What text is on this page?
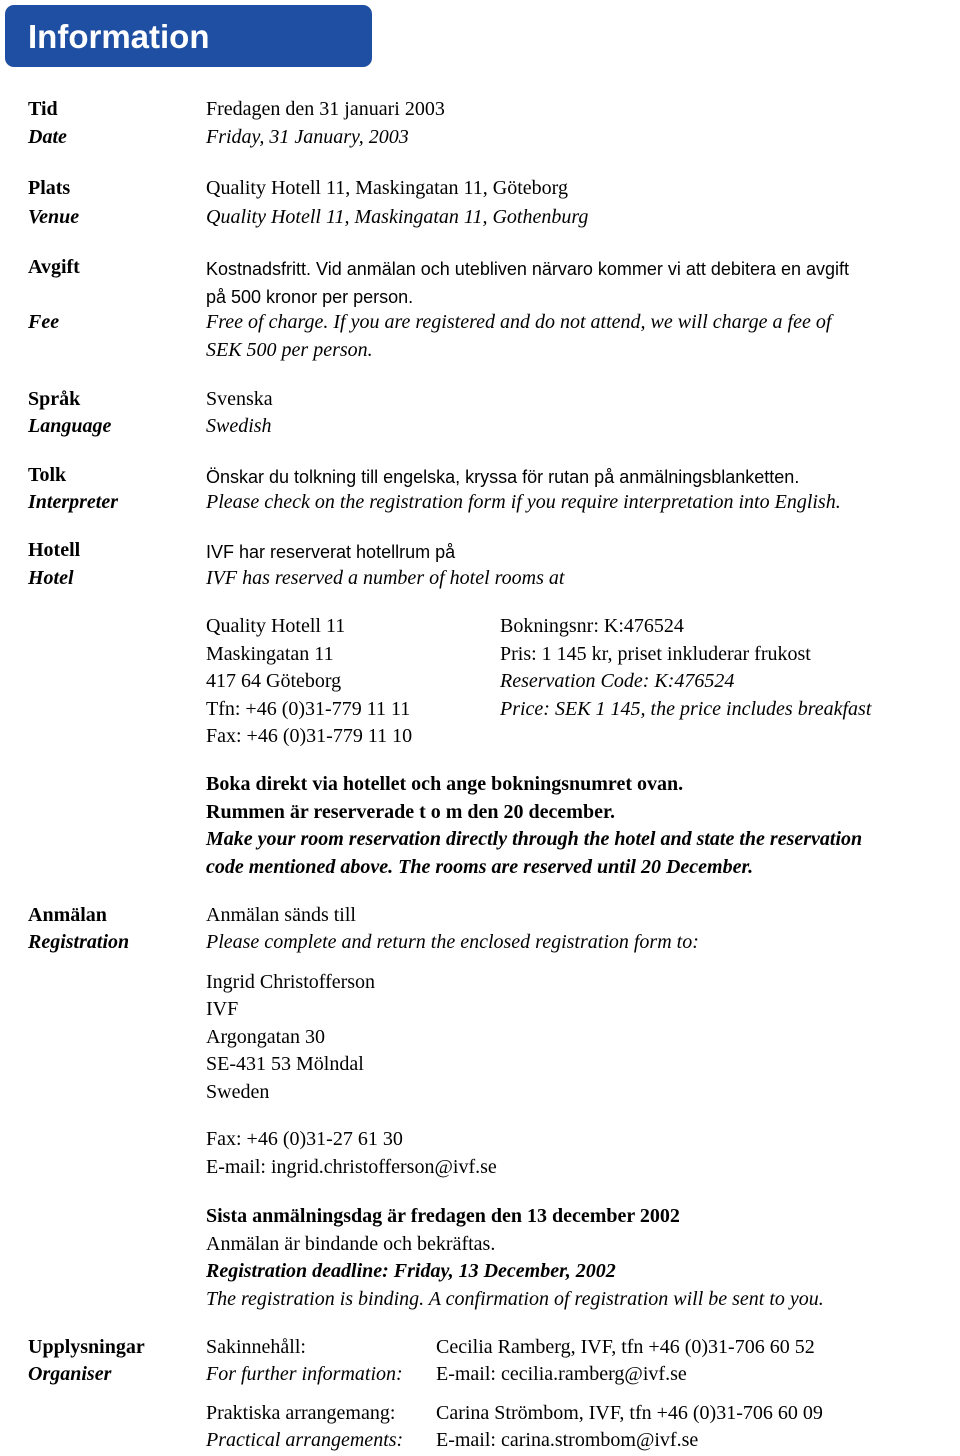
Information
Tid
Date
Fredagen den 31 januari 2003
Friday, 31 January, 2003
Plats
Venue
Quality Hotell 11, Maskingatan 11, Göteborg
Quality Hotell 11, Maskingatan 11, Gothenburg
Avgift
Fee
Kostnadsfritt. Vid anmälan och utebliven närvaro kommer vi att debitera en avgift
på 500 kronor per person.
Free of charge. If you are registered and do not attend, we will charge a fee of
SEK 500 per person.
Språk
Language
Svenska
Swedish
Tolk
Interpreter
Önskar du tolkning till engelska, kryssa för rutan på anmälningsblanketten.
Please check on the registration form if you require interpretation into English.
Hotell
Hotel
IVF har reserverat hotellrum på
IVF has reserved a number of hotel rooms at
Quality Hotell 11
Maskingatan 11
417 64 Göteborg
Tfn: +46 (0)31-779 11 11
Fax: +46 (0)31-779 11 10
Bokningsnr: K:476524
Pris: 1 145 kr, priset inkluderar frukost
Reservation Code: K:476524
Price: SEK 1 145, the price includes breakfast
Boka direkt via hotellet och ange bokningsnumret ovan.
Rummen är reserverade t o m den 20 december.
Make your room reservation directly through the hotel and state the reservation
code mentioned above. The rooms are reserved until 20 December.
Anmälan
Registration
Anmälan sänds till
Please complete and return the enclosed registration form to:
Ingrid Christofferson
IVF
Argongatan 30
SE-431 53 Mölndal
Sweden
Fax: +46 (0)31-27 61 30
E-mail: ingrid.christofferson@ivf.se
Sista anmälningsdag är fredagen den 13 december 2002
Anmälan är bindande och bekräftas.
Registration deadline: Friday, 13 December, 2002
The registration is binding. A confirmation of registration will be sent to you.
Upplysningar
Organiser
Sakinnehåll:
For further information:
Cecilia Ramberg, IVF, tfn +46 (0)31-706 60 52
E-mail: cecilia.ramberg@ivf.se
Praktiska arrangemang:
Practical arrangements:
Carina Strömbom, IVF, tfn +46 (0)31-706 60 09
E-mail: carina.strombom@ivf.se
